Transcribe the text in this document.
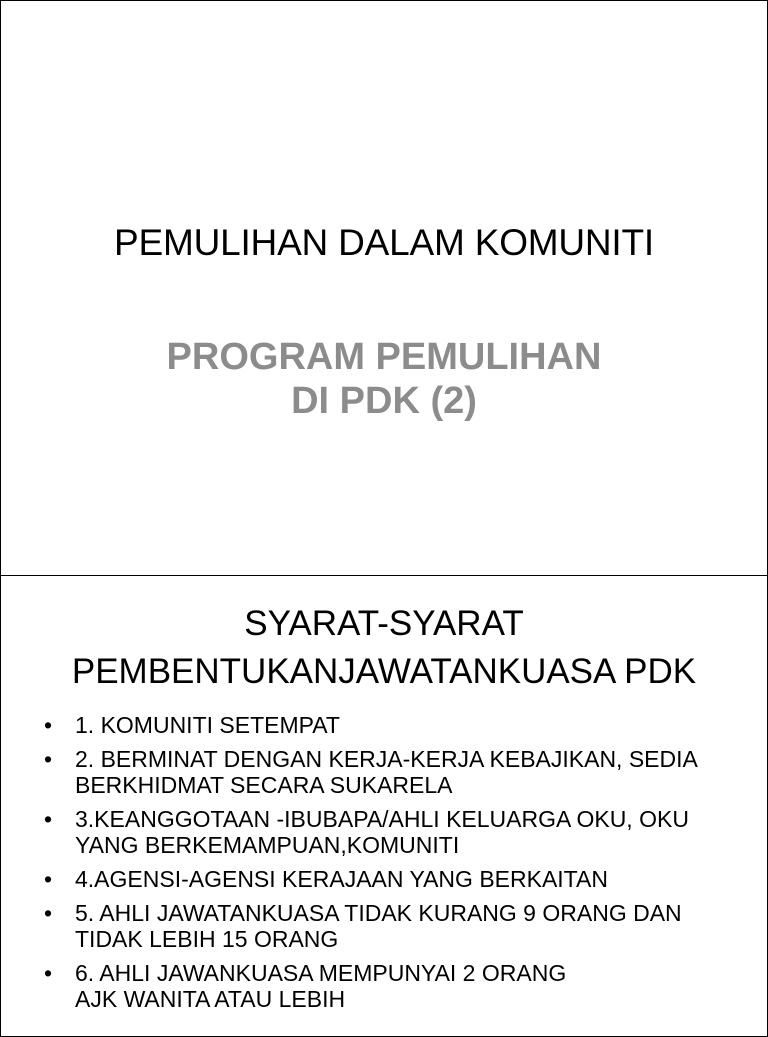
PEMULIHAN DALAM KOMUNITI
PROGRAM PEMULIHAN
DI PDK (2)
SYARAT-SYARAT
PEMBENTUKANJAWATANKUASA PDK
• 1. KOMUNITI SETEMPAT
• 2. BERMINAT DENGAN KERJA-KERJA KEBAJIKAN, SEDIA
BERKHIDMAT SECARA SUKARELA
• 3.KEANGGOTAAN -IBUBAPA/AHLI KELUARGA OKU, OKU
YANG BERKEMAMPUAN,KOMUNITI
• 4.AGENSI-AGENSI KERAJAAN YANG BERKAITAN
• 5. AHLI JAWATANKUASA TIDAK KURANG 9 ORANG DAN
TIDAK LEBIH 15 ORANG
• 6. AHLI JAWANKUASA MEMPUNYAI 2 ORANG
AJK WANITA ATAU LEBIH
